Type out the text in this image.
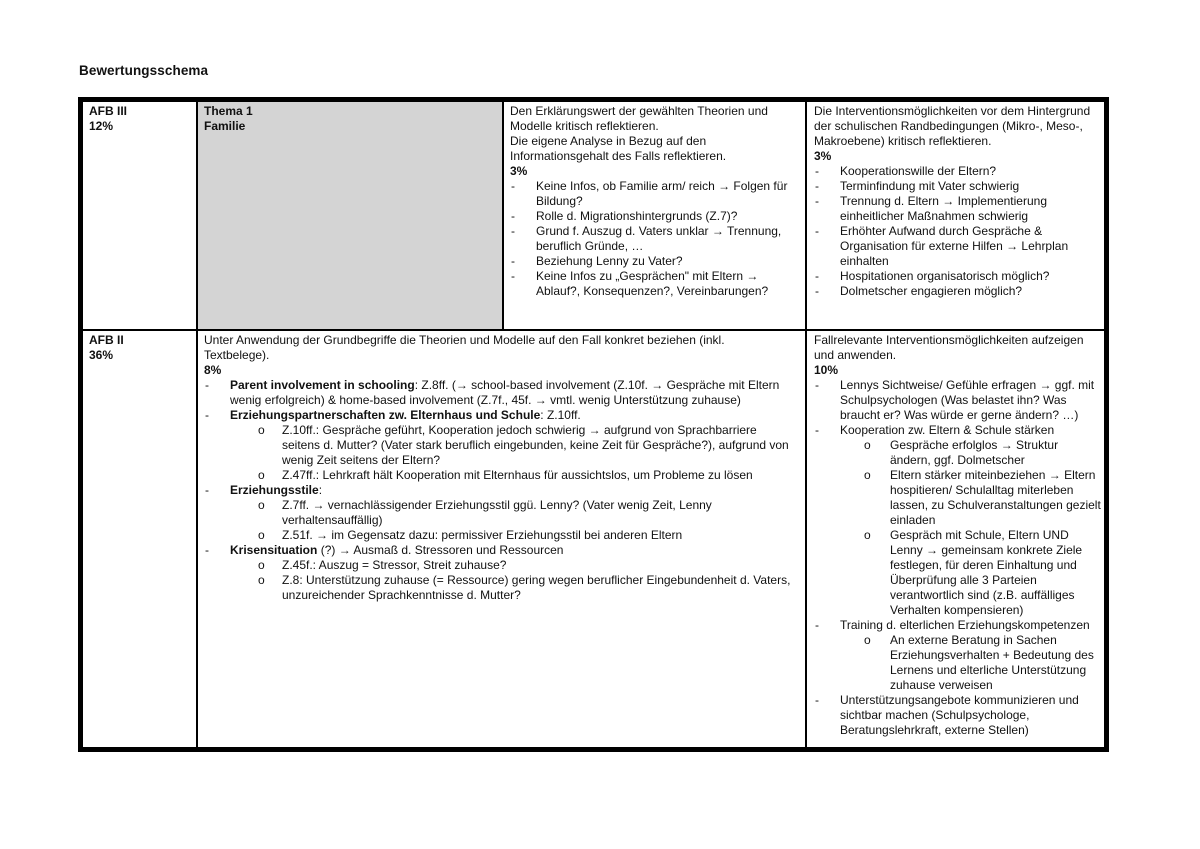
Bewertungsschema
AFB III
12%
Thema 1
Familie
Den Erklärungswert der gewählten Theorien und Modelle kritisch reflektieren.
Die eigene Analyse in Bezug auf den Informationsgehalt des Falls reflektieren.
3%
- Keine Infos, ob Familie arm/ reich → Folgen für Bildung?
- Rolle d. Migrationshintergrunds (Z.7)?
- Grund f. Auszug d. Vaters unklar → Trennung, beruflich Gründe, …
- Beziehung Lenny zu Vater?
- Keine Infos zu „Gesprächen" mit Eltern → Ablauf?, Konsequenzen?, Vereinbarungen?
Die Interventionsmöglichkeiten vor dem Hintergrund der schulischen Randbedingungen (Mikro-, Meso-, Makroebene) kritisch reflektieren.
3%
- Kooperationswille der Eltern?
- Terminfindung mit Vater schwierig
- Trennung d. Eltern → Implementierung einheitlicher Maßnahmen schwierig
- Erhöhter Aufwand durch Gespräche & Organisation für externe Hilfen → Lehrplan einhalten
- Hospitationen organisatorisch möglich?
- Dolmetscher engagieren möglich?
AFB II
36%
Unter Anwendung der Grundbegriffe die Theorien und Modelle auf den Fall konkret beziehen (inkl. Textbelege).
8%
- Parent involvement in schooling: Z.8ff. (→ school-based involvement (Z.10f. → Gespräche mit Eltern wenig erfolgreich) & home-based involvement (Z.7f., 45f. → vmtl. wenig Unterstützung zuhause)
- Erziehungspartnerschaften zw. Elternhaus und Schule: Z.10ff.
o Z.10ff.: Gespräche geführt, Kooperation jedoch schwierig → aufgrund von Sprachbarriere seitens d. Mutter? (Vater stark beruflich eingebunden, keine Zeit für Gespräche?), aufgrund von wenig Zeit seitens der Eltern?
o Z.47ff.: Lehrkraft hält Kooperation mit Elternhaus für aussichtslos, um Probleme zu lösen
- Erziehungsstile:
o Z.7ff. → vernachlässigender Erziehungsstil ggü. Lenny? (Vater wenig Zeit, Lenny verhaltensauffällig)
o Z.51f. → im Gegensatz dazu: permissiver Erziehungsstil bei anderen Eltern
- Krisensituation (?) → Ausmaß d. Stressoren und Ressourcen
o Z.45f.: Auszug = Stressor, Streit zuhause?
o Z.8: Unterstützung zuhause (= Ressource) gering wegen beruflicher Eingebundenheit d. Vaters, unzureichender Sprachkenntnisse d. Mutter?
Fallrelevante Interventionsmöglichkeiten aufzeigen und anwenden.
10%
- Lennys Sichtweise/ Gefühle erfragen → ggf. mit Schulpsychologen (Was belastet ihn? Was braucht er? Was würde er gerne ändern? …)
- Kooperation zw. Eltern & Schule stärken
o Gespräche erfolglos → Struktur ändern, ggf. Dolmetscher
o Eltern stärker miteinbeziehen → Eltern hospitieren/ Schulalltag miterleben lassen, zu Schulveranstaltungen gezielt einladen
o Gespräch mit Schule, Eltern UND Lenny → gemeinsam konkrete Ziele festlegen, für deren Einhaltung und Überprüfung alle 3 Parteien verantwortlich sind (z.B. auffälliges Verhalten kompensieren)
- Training d. elterlichen Erziehungskompetenzen
o An externe Beratung in Sachen Erziehungsverhalten + Bedeutung des Lernens und elterliche Unterstützung zuhause verweisen
- Unterstützungsangebote kommunizieren und sichtbar machen (Schulpsychologe, Beratungslehrkraft, externe Stellen)
